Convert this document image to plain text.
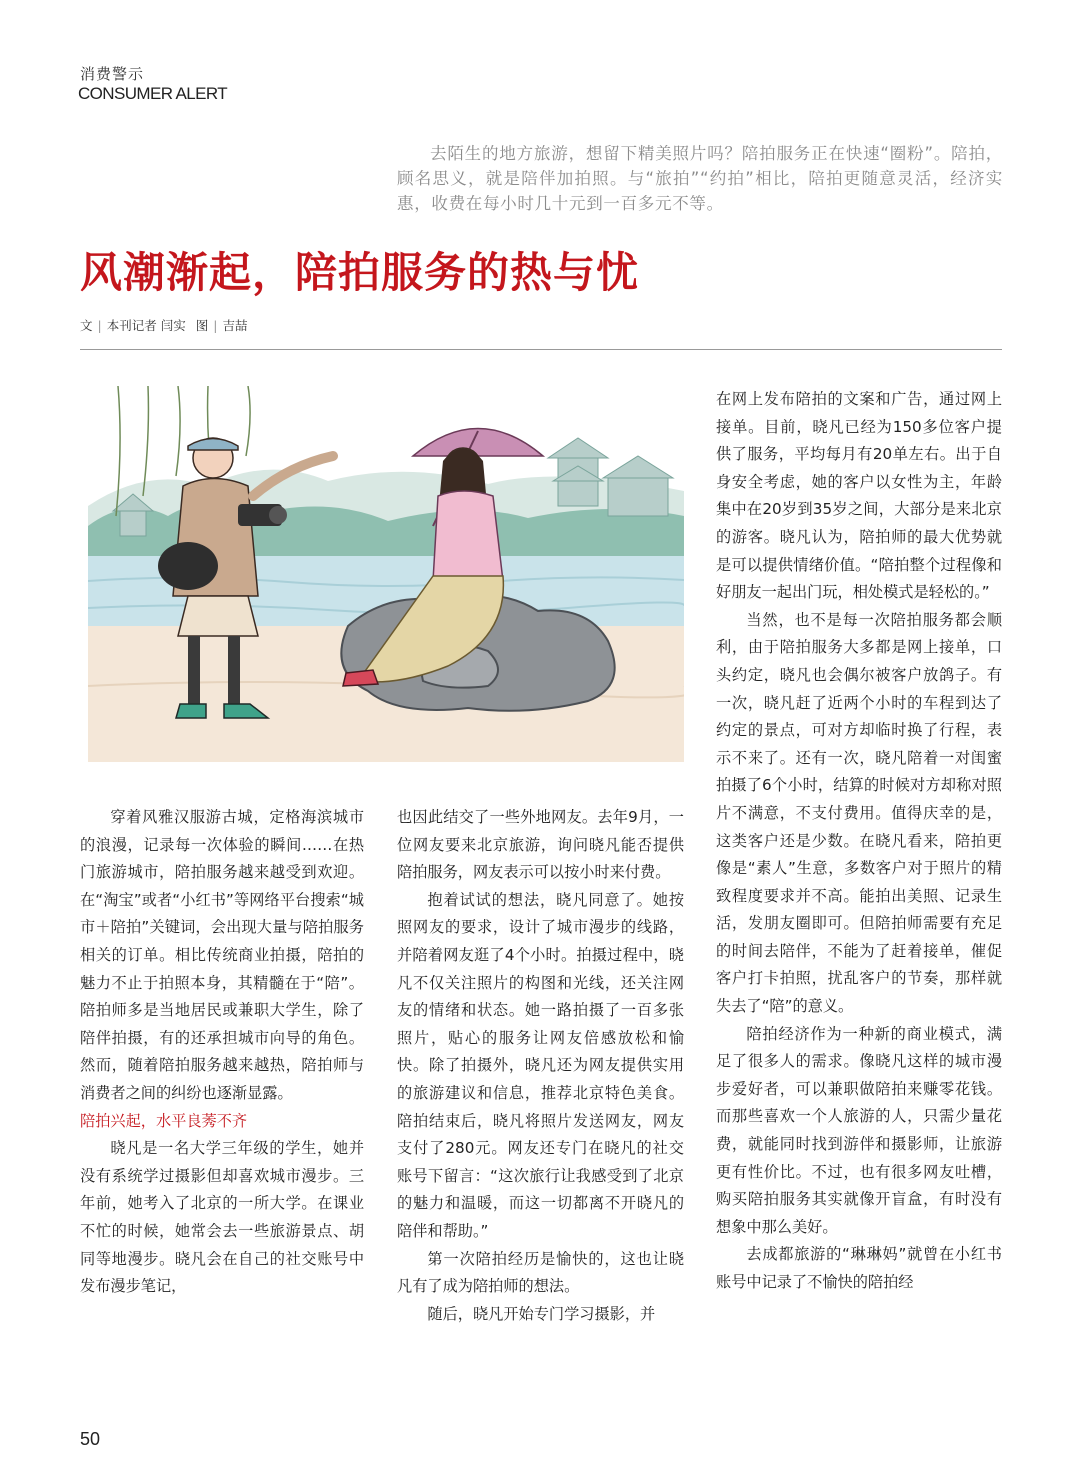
消费警示
CONSUMER ALERT

去陌生的地方旅游，想留下精美照片吗？陪拍服务正在快速“圈粉”。陪拍，顾名思义，就是陪伴加拍照。与“旅拍”“约拍”相比，陪拍更随意灵活，经济实惠，收费在每小时几十元到一百多元不等。

风潮渐起，陪拍服务的热与忧
文 | 本刊记者 闫实 图 | 吉喆

穿着风雅汉服游古城，定格海滨城市的浪漫，记录每一次体验的瞬间……在热门旅游城市，陪拍服务越来越受到欢迎。在“淘宝”或者“小红书”等网络平台搜索“城市＋陪拍”关键词，会出现大量与陪拍服务相关的订单。相比传统商业拍摄，陪拍的魅力不止于拍照本身，其精髓在于“陪”。陪拍师多是当地居民或兼职大学生，除了陪伴拍摄，有的还承担城市向导的角色。然而，随着陪拍服务越来越热，陪拍师与消费者之间的纠纷也逐渐显露。

陪拍兴起，水平良莠不齐

晓凡是一名大学三年级的学生，她并没有系统学过摄影但却喜欢城市漫步。三年前，她考入了北京的一所大学。在课业不忙的时候，她常会去一些旅游景点、胡同等地漫步。晓凡会在自己的社交账号中发布漫步笔记，

也因此结交了一些外地网友。去年9月，一位网友要来北京旅游，询问晓凡能否提供陪拍服务，网友表示可以按小时来付费。

抱着试试的想法，晓凡同意了。她按照网友的要求，设计了城市漫步的线路，并陪着网友逛了4个小时。拍摄过程中，晓凡不仅关注照片的构图和光线，还关注网友的情绪和状态。她一路拍摄了一百多张照片，贴心的服务让网友倍感放松和愉快。除了拍摄外，晓凡还为网友提供实用的旅游建议和信息，推荐北京特色美食。陪拍结束后，晓凡将照片发送网友，网友支付了280元。网友还专门在晓凡的社交账号下留言：“这次旅行让我感受到了北京的魅力和温暖，而这一切都离不开晓凡的陪伴和帮助。”

第一次陪拍经历是愉快的，这也让晓凡有了成为陪拍师的想法。

随后，晓凡开始专门学习摄影，并

在网上发布陪拍的文案和广告，通过网上接单。目前，晓凡已经为150多位客户提供了服务，平均每月有20单左右。出于自身安全考虑，她的客户以女性为主，年龄集中在20岁到35岁之间，大部分是来北京的游客。晓凡认为，陪拍师的最大优势就是可以提供情绪价值。“陪拍整个过程像和好朋友一起出门玩，相处模式是轻松的。”

当然，也不是每一次陪拍服务都会顺利，由于陪拍服务大多都是网上接单，口头约定，晓凡也会偶尔被客户放鸽子。有一次，晓凡赶了近两个小时的车程到达了约定的景点，可对方却临时换了行程，表示不来了。还有一次，晓凡陪着一对闺蜜拍摄了6个小时，结算的时候对方却称对照片不满意，不支付费用。值得庆幸的是，这类客户还是少数。在晓凡看来，陪拍更像是“素人”生意，多数客户对于照片的精致程度要求并不高。能拍出美照、记录生活，发朋友圈即可。但陪拍师需要有充足的时间去陪伴，不能为了赶着接单，催促客户打卡拍照，扰乱客户的节奏，那样就失去了“陪”的意义。

陪拍经济作为一种新的商业模式，满足了很多人的需求。像晓凡这样的城市漫步爱好者，可以兼职做陪拍来赚零花钱。而那些喜欢一个人旅游的人，只需少量花费，就能同时找到游伴和摄影师，让旅游更有性价比。不过，也有很多网友吐槽，购买陪拍服务其实就像开盲盒，有时没有想象中那么美好。

去成都旅游的“琳琳妈”就曾在小红书账号中记录了不愉快的陪拍经

50
